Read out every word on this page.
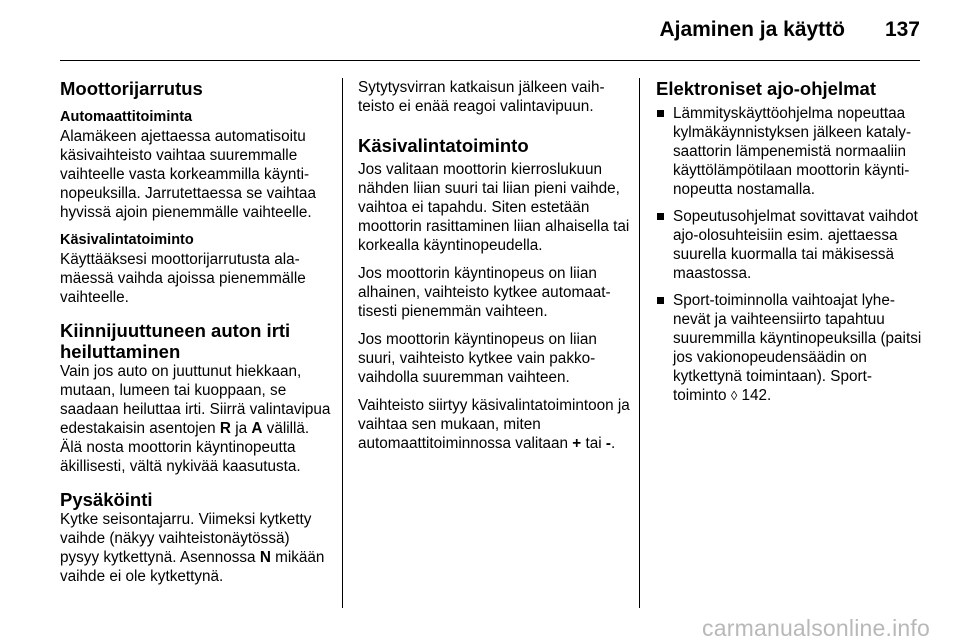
Ajaminen ja käyttö 137
Moottorijarrutus
Automaattitoiminta

Alamäkeen ajettaessa automatisoitu käsivaihteisto vaihtaa suuremmalle vaihteelle vasta korkeammilla käyntinopeuksilla. Jarrutettaessa se vaihtaa hyvissä ajoin pienemmälle vaihteelle.

Käsivalintatoiminto

Käyttääksesi moottorijarrutusta alamäessä vaihda ajoissa pienemmälle vaihteelle.

Kiinnijuuttuneen auton irti
heiluttaminen

Vain jos auto on juuttunut hiekkaan, mutaan, lumeen tai kuoppaan, se saadaan heiluttaa irti. Siirrä valintavipua edestakaisin asentojen R ja A välillä. Älä nosta moottorin käyntinopeutta äkillisesti, vältä nykivää kaasutusta.

Pysäköinti

Kytke seisontajarru. Viimeksi kytketty vaihde (näkyy vaihteistonäytössä) pysyy kytkettynä. Asennossa N mikään vaihde ei ole kytkettynä.

Sytytysvirran katkaisun jälkeen vaihteisto ei enää reagoi valintavipuun.

Käsivalintatoiminto

Jos valitaan moottorin kierroslukuun nähden liian suuri tai liian pieni vaihde, vaihtoa ei tapahdu. Siten estetään moottorin rasittaminen liian alhaisella tai korkealla käyntinopeudella.

Jos moottorin käyntinopeus on liian alhainen, vaihteisto kytkee automaattisesti pienemmän vaihteen.

Jos moottorin käyntinopeus on liian suuri, vaihteisto kytkee vain pakkovaihdolla suuremman vaihteen.

Vaihteisto siirtyy käsivalintatoimintoon ja vaihtaa sen mukaan, miten automaattitoiminnossa valitaan + tai -.

Elektroniset ajo-ohjelmat
Lämmityskäyttöohjelma nopeuttaa kylmäkäynnistyksen jälkeen katalysaattorin lämpenemistä normaaliin käyttölämpötilaan moottorin käyntinopeutta nostamalla.
Sopeutusohjelmat sovittavat vaihdot ajo-olosuhteisiin esim. ajettaessa suurella kuormalla tai mäkisessä maastossa.
Sport-toiminnolla vaihtoajat lyhenevät ja vaihteensiirto tapahtuu suuremmilla käyntinopeuksilla (paitsi jos vakionopeudensäädin on kytkettynä toimintaan). Sport-toiminto ◊ 142.
carmanualsonline.info
